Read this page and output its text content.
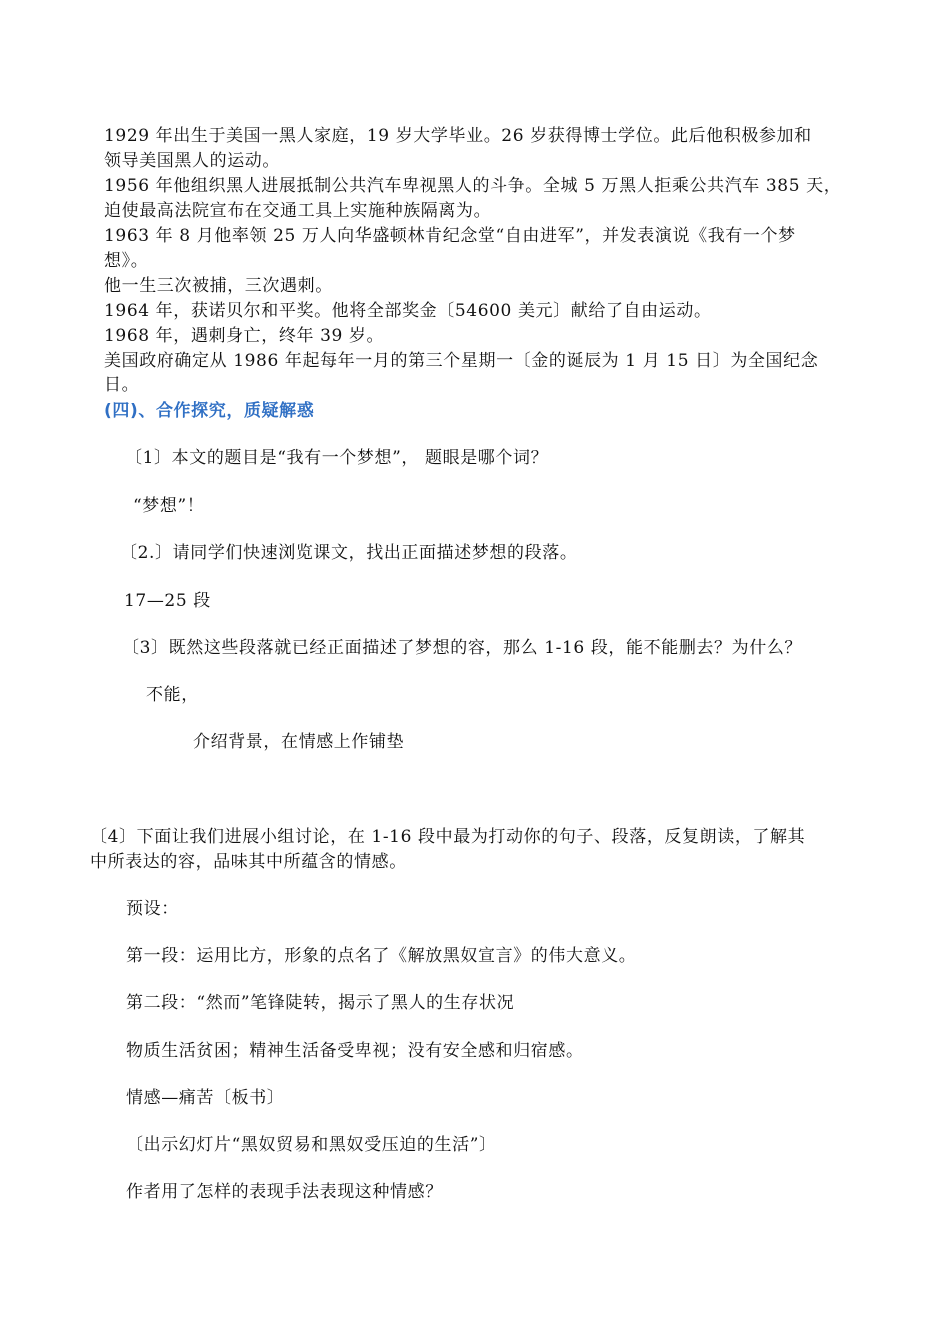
1929 年出生于美国一黑人家庭，19 岁大学毕业。26 岁获得博士学位。此后他积极参加和
领导美国黑人的运动。
1956 年他组织黑人进展抵制公共汽车卑视黑人的斗争。全城 5 万黑人拒乘公共汽车 385 天，
迫使最高法院宣布在交通工具上实施种族隔离为。
1963 年 8 月他率领 25 万人向华盛顿林肯纪念堂“自由进军”，并发表演说《我有一个梦
想》。
他一生三次被捕，三次遇刺。
1964 年，获诺贝尔和平奖。他将全部奖金〔54600 美元〕献给了自由运动。
1968 年，遇刺身亡，终年 39 岁。
美国政府确定从 1986 年起每年一月的第三个星期一〔金的诞辰为 1 月 15 日〕为全国纪念
日。
(四)、合作探究，质疑解惑
〔1〕本文的题目是“我有一个梦想”， 题眼是哪个词？
“梦想”！
〔2.〕请同学们快速浏览课文，找出正面描述梦想的段落。
17—25 段
〔3〕既然这些段落就已经正面描述了梦想的容，那么 1-16 段，能不能删去？为什么？
不能，
介绍背景，在情感上作铺垫
〔4〕下面让我们进展小组讨论，在 1-16 段中最为打动你的句子、段落，反复朗读，了解其
中所表达的容，品味其中所蕴含的情感。
预设：
第一段：运用比方，形象的点名了《解放黑奴宣言》的伟大意义。
第二段：“然而”笔锋陡转，揭示了黑人的生存状况
物质生活贫困；精神生活备受卑视；没有安全感和归宿感。
情感—痛苦〔板书〕
〔出示幻灯片“黑奴贸易和黑奴受压迫的生活”〕
作者用了怎样的表现手法表现这种情感？
